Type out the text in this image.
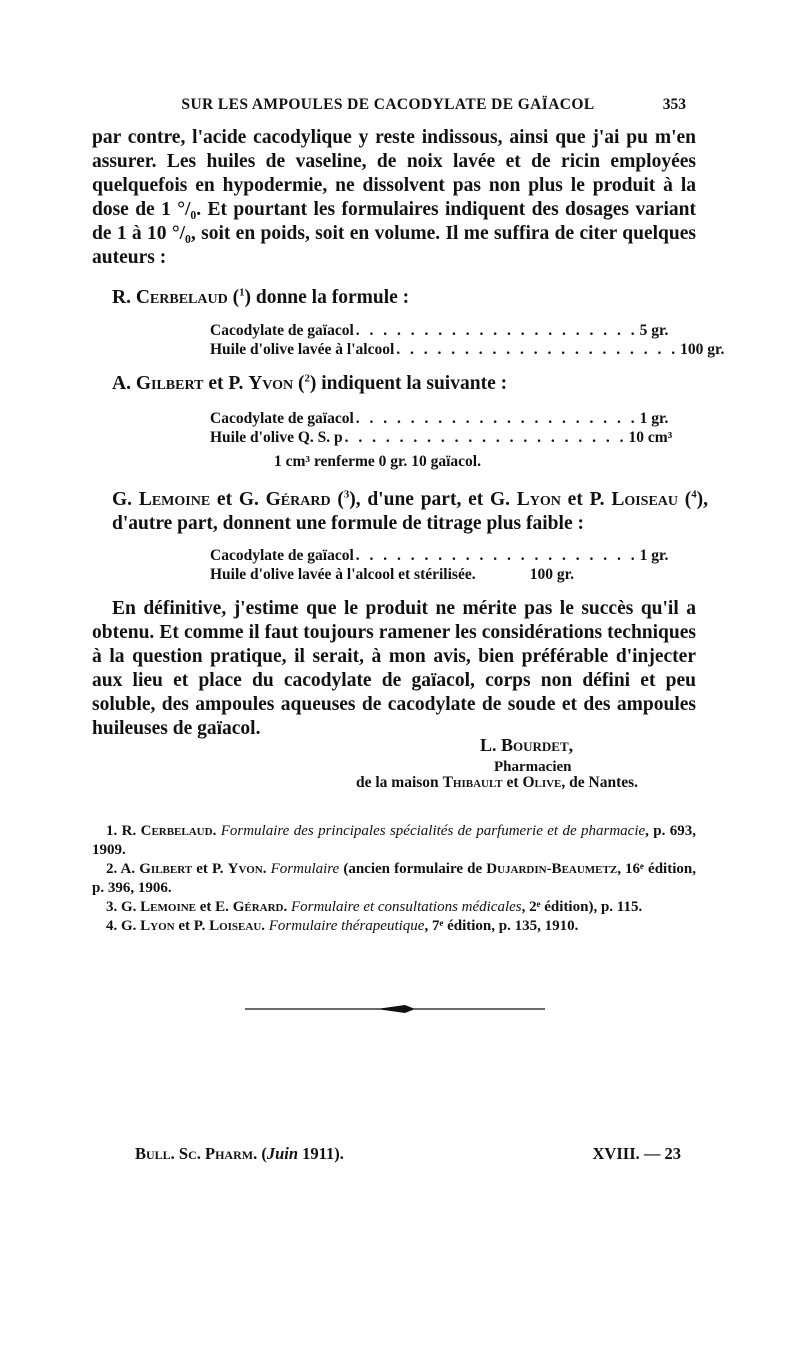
SUR LES AMPOULES DE CACODYLATE DE GAÏACOL	353

par contre, l'acide cacodylique y reste indissous, ainsi que j'ai pu m'en assurer. Les huiles de vaseline, de noix lavée et de ricin employées quelquefois en hypodermie, ne dissolvent pas non plus le produit à la dose de 1 °/₀. Et pourtant les formulaires indiquent des dosages variant de 1 à 10 °/₀, soit en poids, soit en volume. Il me suffira de citer quelques auteurs :

R. Cerbelaud ($^1$) donne la formule :

Cacodylate de gaïacol . . . . . . . . . . . . . . . . . . . . . 5 gr.
Huile d'olive lavée à l'alcool . . . . . . . . . . . . . . . . . . . . . 100 gr.

A. Gilbert et P. Yvon ($^2$) indiquent la suivante :

Cacodylate de gaïacol . . . . . . . . . . . . . . . . . . . . . 1 gr.
Huile d'olive Q. S. p . . . . . . . . . . . . . . . . . . . . . 10 cm³
1 cm³ renferme 0 gr. 10 gaïacol.

G. Lemoine et G. Gérard ($^3$), d'une part, et G. Lyon et P. Loiseau ($^4$), d'autre part, donnent une formule de titrage plus faible :

Cacodylate de gaïacol . . . . . . . . . . . . . . . . . . . . . 1 gr.
Huile d'olive lavée à l'alcool et stérilisée.	100 gr.

En définitive, j'estime que le produit ne mérite pas le succès qu'il a obtenu. Et comme il faut toujours ramener les considérations techniques à la question pratique, il serait, à mon avis, bien préférable d'injecter aux lieu et place du cacodylate de gaïacol, corps non défini et peu soluble, des ampoules aqueuses de cacodylate de soude et des ampoules huileuses de gaïacol.

L. Bourdet,
Pharmacien
de la maison Thibault et Olive, de Nantes.

1. R. Cerbelaud. Formulaire des principales spécialités de parfumerie et de pharmacie, p. 693, 1909.

2. A. Gilbert et P. Yvon. Formulaire (ancien formulaire de Dujardin-Beaumetz, 16ᵉ édition, p. 396, 1906.

3. G. Lemoine et E. Gérard. Formulaire et consultations médicales, 2ᵉ édition), p. 115.

4. G. Lyon et P. Loiseau. Formulaire thérapeutique, 7ᵉ édition, p. 135, 1910.

Bull. Sc. Pharm. (Juin 1911).	XVIII. — 23
